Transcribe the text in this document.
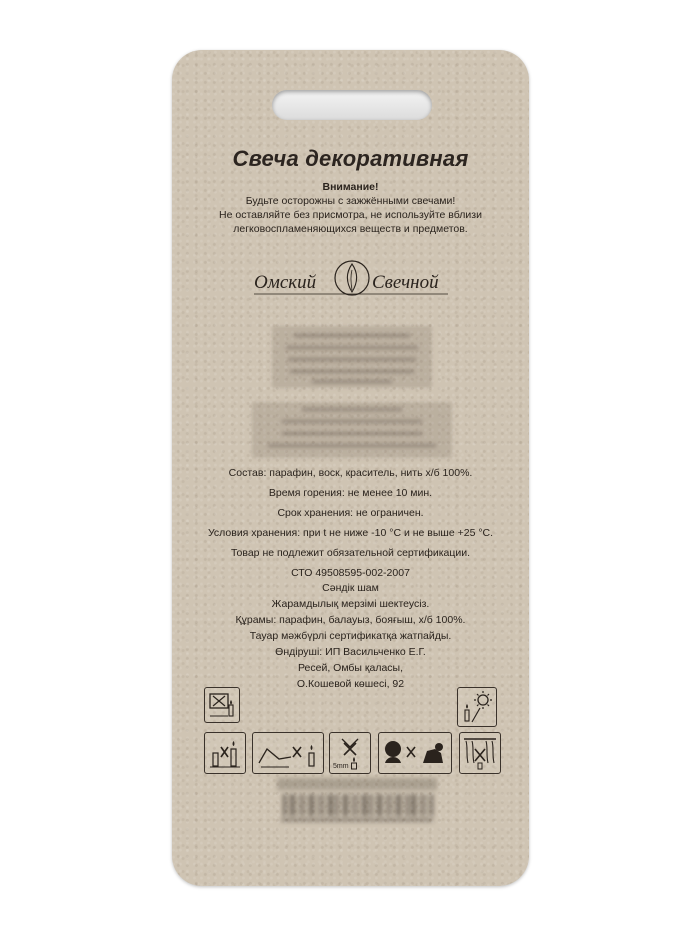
Свеча декоративная
Внимание!
Будьте осторожны с зажжёнными свечами!
Не оставляйте без присмотра, не используйте вблизи
легковоспламеняющихся веществ и предметов.
Омский	Свечной
Состав: парафин, воск, краситель, нить х/б 100%.
Время горения: не менее 10 мин.
Срок хранения: не ограничен.
Условия хранения: при t не ниже -10 °С и не выше +25 °С.
Товар не подлежит обязательной сертификации.
СТО 49508595-002-2007
Сәндік шам
Жарамдылық мерзімі шектеусіз.
Құрамы: парафин, балауыз, бояғыш, х/б 100%.
Тауар мәжбүрлі сертификатқа жатпайды.
Өндіруші: ИП Васильченко Е.Г.
Ресей, Омбы қаласы,
О.Кошевой көшесі, 92
5mm
